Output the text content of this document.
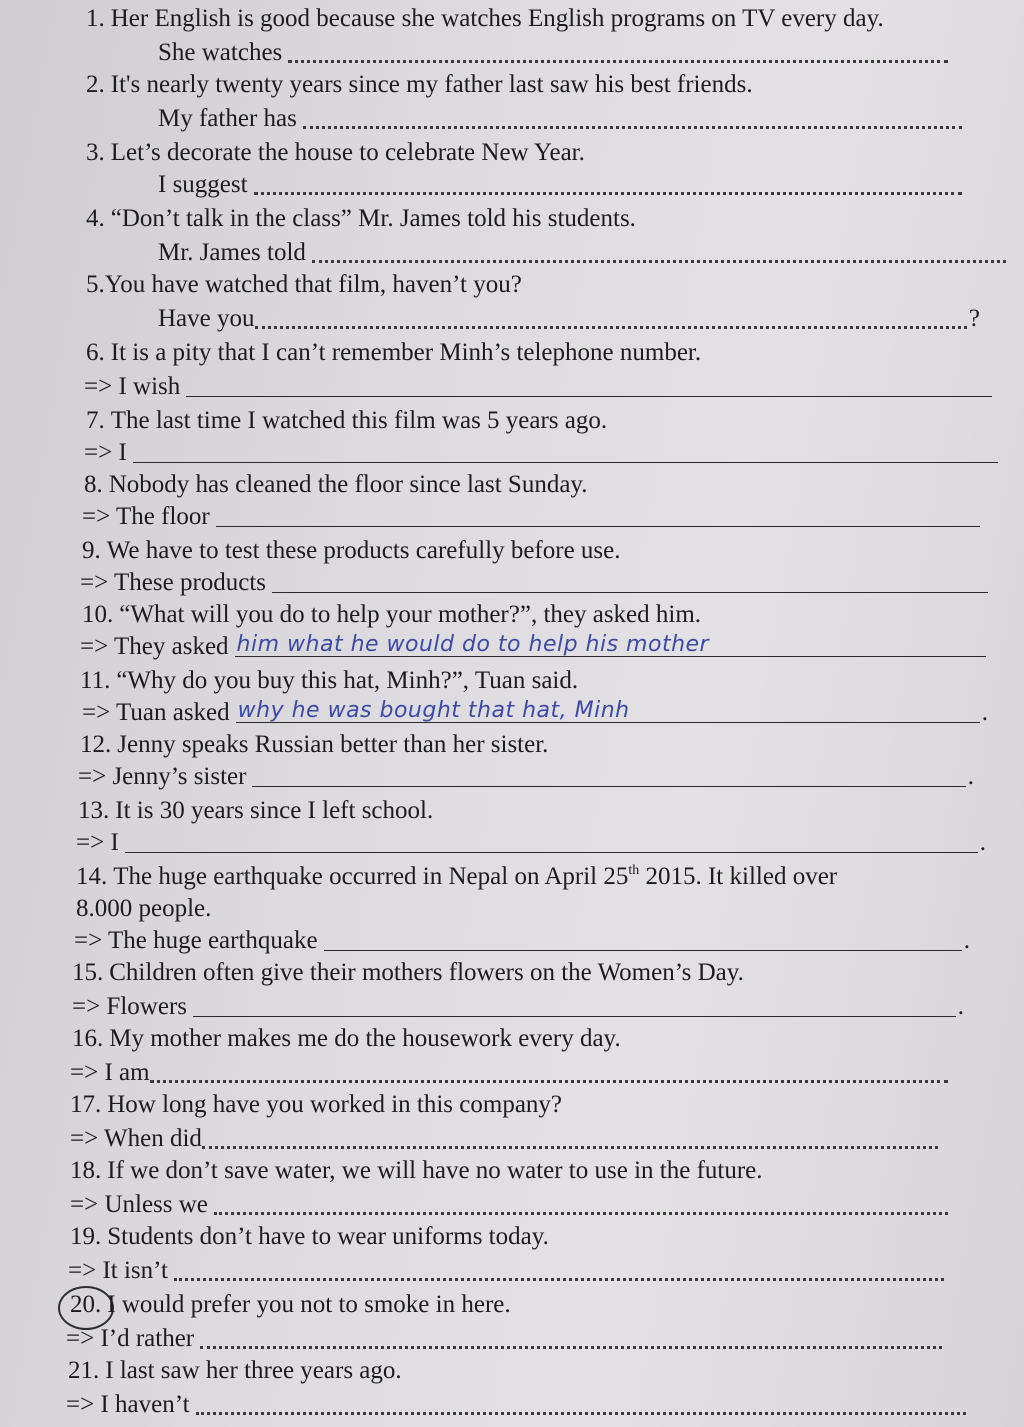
1. Her English is good because she watches English programs on TV every day.
She watches
2. It's nearly twenty years since my father last saw his best friends.
My father has
3. Let’s decorate the house to celebrate New Year.
I suggest
4. “Don’t talk in the class” Mr. James told his students.
Mr. James told
5. You have watched that film, haven’t you?
Have you	?
6. It is a pity that I can’t remember Minh’s telephone number.
=> I wish
7. The last time I watched this film was 5 years ago.
=> I
8. Nobody has cleaned the floor since last Sunday.
=> The floor
9. We have to test these products carefully before use.
=> These products
10. “What will you do to help your mother?”, they asked him.
=> They asked him what he would do to help his mother
11. “Why do you buy this hat, Minh?”, Tuan said.
=> Tuan asked why he was bought that hat, Minh	.
12. Jenny speaks Russian better than her sister.
=> Jenny’s sister	.
13. It is 30 years since I left school.
=> I	.
14. The huge earthquake occurred in Nepal on April 25th 2015. It killed over
8.000 people.
=> The huge earthquake	.
15. Children often give their mothers flowers on the Women’s Day.
=> Flowers	.
16. My mother makes me do the housework every day.
=> I am
17. How long have you worked in this company?
=> When did
18. If we don’t save water, we will have no water to use in the future.
=> Unless we
19. Students don’t have to wear uniforms today.
=> It isn’t
20. I would prefer you not to smoke in here.
=> I’d rather
21. I last saw her three years ago.
=> I haven’t
